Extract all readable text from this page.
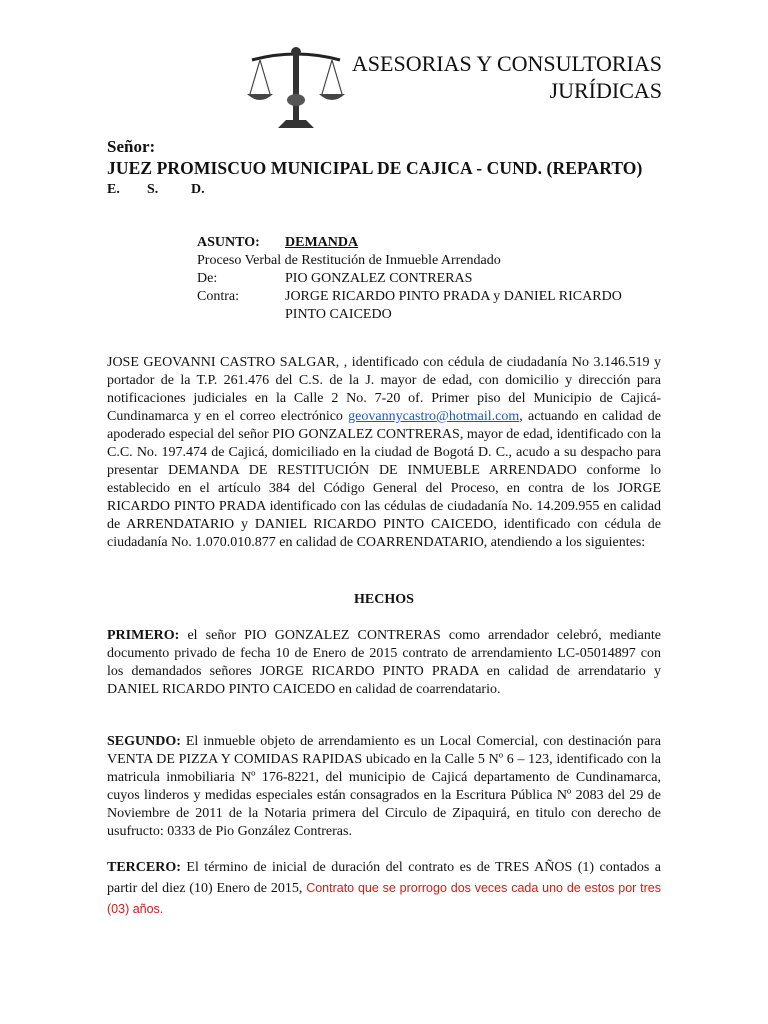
ASESORIAS Y CONSULTORIAS
JURÍDICAS
Señor:
JUEZ PROMISCUO MUNICIPAL DE CAJICA - CUND. (REPARTO)
E. S. D.
ASUNTO:	DEMANDA
Proceso Verbal de Restitución de Inmueble Arrendado
De:	PIO GONZALEZ CONTRERAS
Contra:	JORGE RICARDO PINTO PRADA y DANIEL RICARDO PINTO CAICEDO
JOSE GEOVANNI CASTRO SALGAR, , identificado con cédula de ciudadanía No 3.146.519 y portador de la T.P. 261.476 del C.S. de la J. mayor de edad, con domicilio y dirección para notificaciones judiciales en la Calle 2 No. 7-20 of. Primer piso del Municipio de Cajicá- Cundinamarca y en el correo electrónico geovannycastro@hotmail.com, actuando en calidad de apoderado especial del señor PIO GONZALEZ CONTRERAS, mayor de edad, identificado con la C.C. No. 197.474 de Cajicá, domiciliado en la ciudad de Bogotá D. C., acudo a su despacho para presentar DEMANDA DE RESTITUCIÓN DE INMUEBLE ARRENDADO conforme lo establecido en el artículo 384 del Código General del Proceso, en contra de los JORGE RICARDO PINTO PRADA identificado con las cédulas de ciudadanía No. 14.209.955 en calidad de ARRENDATARIO y DANIEL RICARDO PINTO CAICEDO, identificado con cédula de ciudadanía No. 1.070.010.877 en calidad de COARRENDATARIO, atendiendo a los siguientes:
HECHOS
PRIMERO: el señor PIO GONZALEZ CONTRERAS como arrendador celebró, mediante documento privado de fecha 10 de Enero de 2015 contrato de arrendamiento LC-05014897 con los demandados señores JORGE RICARDO PINTO PRADA en calidad de arrendatario y DANIEL RICARDO PINTO CAICEDO en calidad de coarrendatario.
SEGUNDO: El inmueble objeto de arrendamiento es un Local Comercial, con destinación para VENTA DE PIZZA Y COMIDAS RAPIDAS ubicado en la Calle 5 Nº 6 – 123, identificado con la matricula inmobiliaria Nº 176-8221, del municipio de Cajicá departamento de Cundinamarca, cuyos linderos y medidas especiales están consagrados en la Escritura Pública Nº 2083 del 29 de Noviembre de 2011 de la Notaria primera del Circulo de Zipaquirá, en titulo con derecho de usufructo: 0333 de Pio González Contreras.
TERCERO: El término de inicial de duración del contrato es de TRES AÑOS (1) contados a partir del diez (10) Enero de 2015, Contrato que se prorrogo dos veces cada uno de estos por tres (03) años.
